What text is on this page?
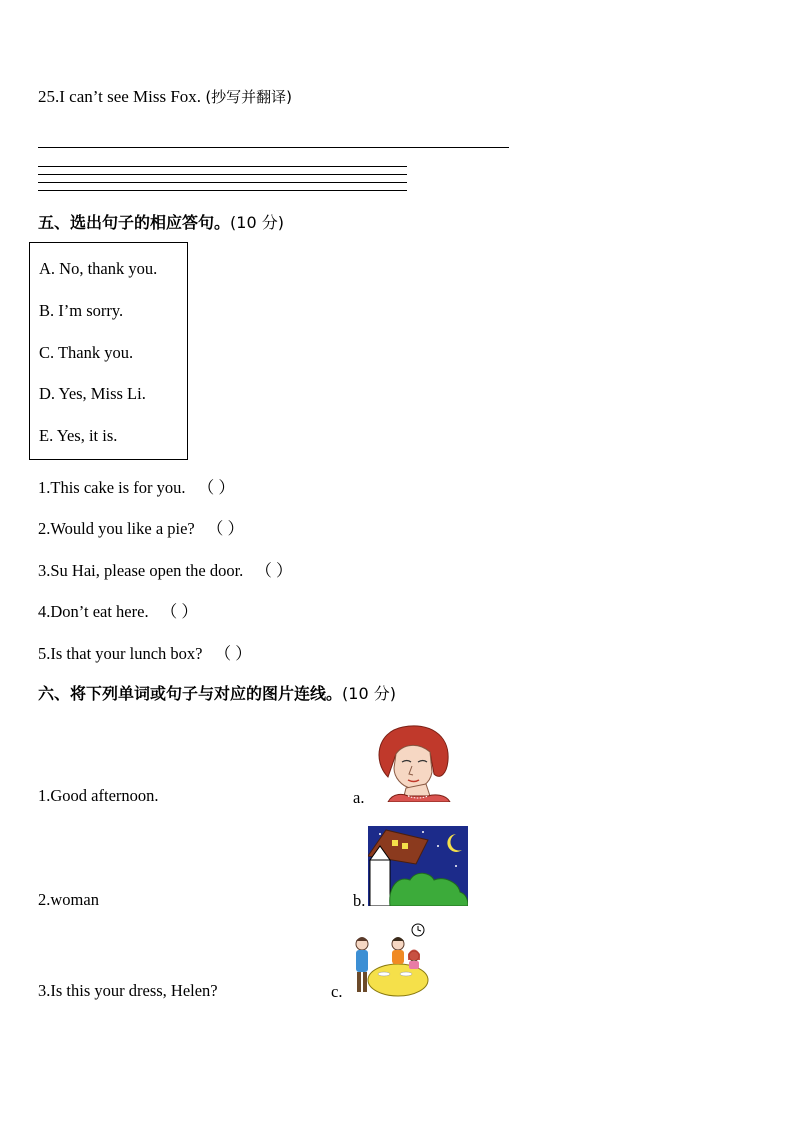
25.I can’t see Miss Fox. (抄写并翻译)
五、选出句子的相应答句。(10 分)
A. No, thank you.
B. I’m sorry.
C. Thank you.
D. Yes, Miss Li.
E. Yes, it is.
1.This cake is for you. （ ）
2.Would you like a pie? （ ）
3.Su Hai, please open the door. （ ）
4.Don’t eat here. （ ）
5.Is that your lunch box? （ ）
六、将下列单词或句子与对应的图片连线。(10 分)
1.Good afternoon.
2.woman
3.Is this your dress, Helen?
a.
b.
c.
